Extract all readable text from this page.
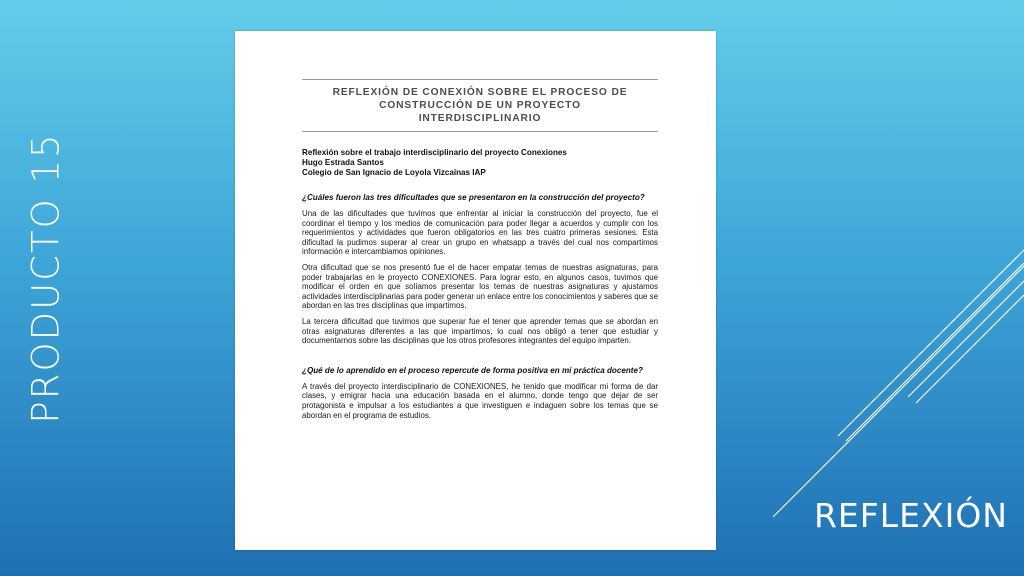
PRODUCTO 15
REFLEXIÓN
REFLEXIÓN DE CONEXIÓN SOBRE EL PROCESO DE
CONSTRUCCIÓN DE UN PROYECTO
INTERDISCIPLINARIO
Reflexión sobre el trabajo interdisciplinario del proyecto Conexiones
Hugo Estrada Santos
Colegio de San Ignacio de Loyola Vizcaínas IAP
¿Cuáles fueron las tres dificultades que se presentaron en la construcción del proyecto?
Una de las dificultades que tuvimos que enfrentar al iniciar la construcción del proyecto, fue el coordinar el tiempo y los medios de comunicación para poder llegar a acuerdos y cumplir con los requerimientos y actividades que fueron obligatorios en las tres cuatro primeras sesiones. Esta dificultad la pudimos superar al crear un grupo en whatsapp a través del cual nos compartimos información e intercambiamos opiniones.
Otra dificultad que se nos presentó fue el de hacer empatar temas de nuestras asignaturas, para poder trabajarlas en le proyecto CONEXIONES. Para lograr esto, en algunos casos, tuvimos que modificar el orden en que solíamos presentar los temas de nuestras asignaturas y ajustamos actividades interdisciplinarias para poder generar un enlace entre los conocimientos y saberes que se abordan en las tres disciplinas que impartimos.
La tercera dificultad que tuvimos que superar fue el tener que aprender temas que se abordan en otras asignaturas diferentes a las que impartimos, lo cual nos obligó a tener que estudiar y documentarnos sobre las disciplinas que los otros profesores integrantes del equipo imparten.
¿Qué de lo aprendido en el proceso repercute de forma positiva en mi práctica docente?
A través del proyecto interdisciplinario de CONEXIONES, he tenido que modificar mi forma de dar clases, y emigrar hacia una educación basada en el alumno, donde tengo que dejar de ser protagonista e impulsar a los estudiantes a que investiguen e indaguen sobre los temas que se abordan en el programa de estudios.
